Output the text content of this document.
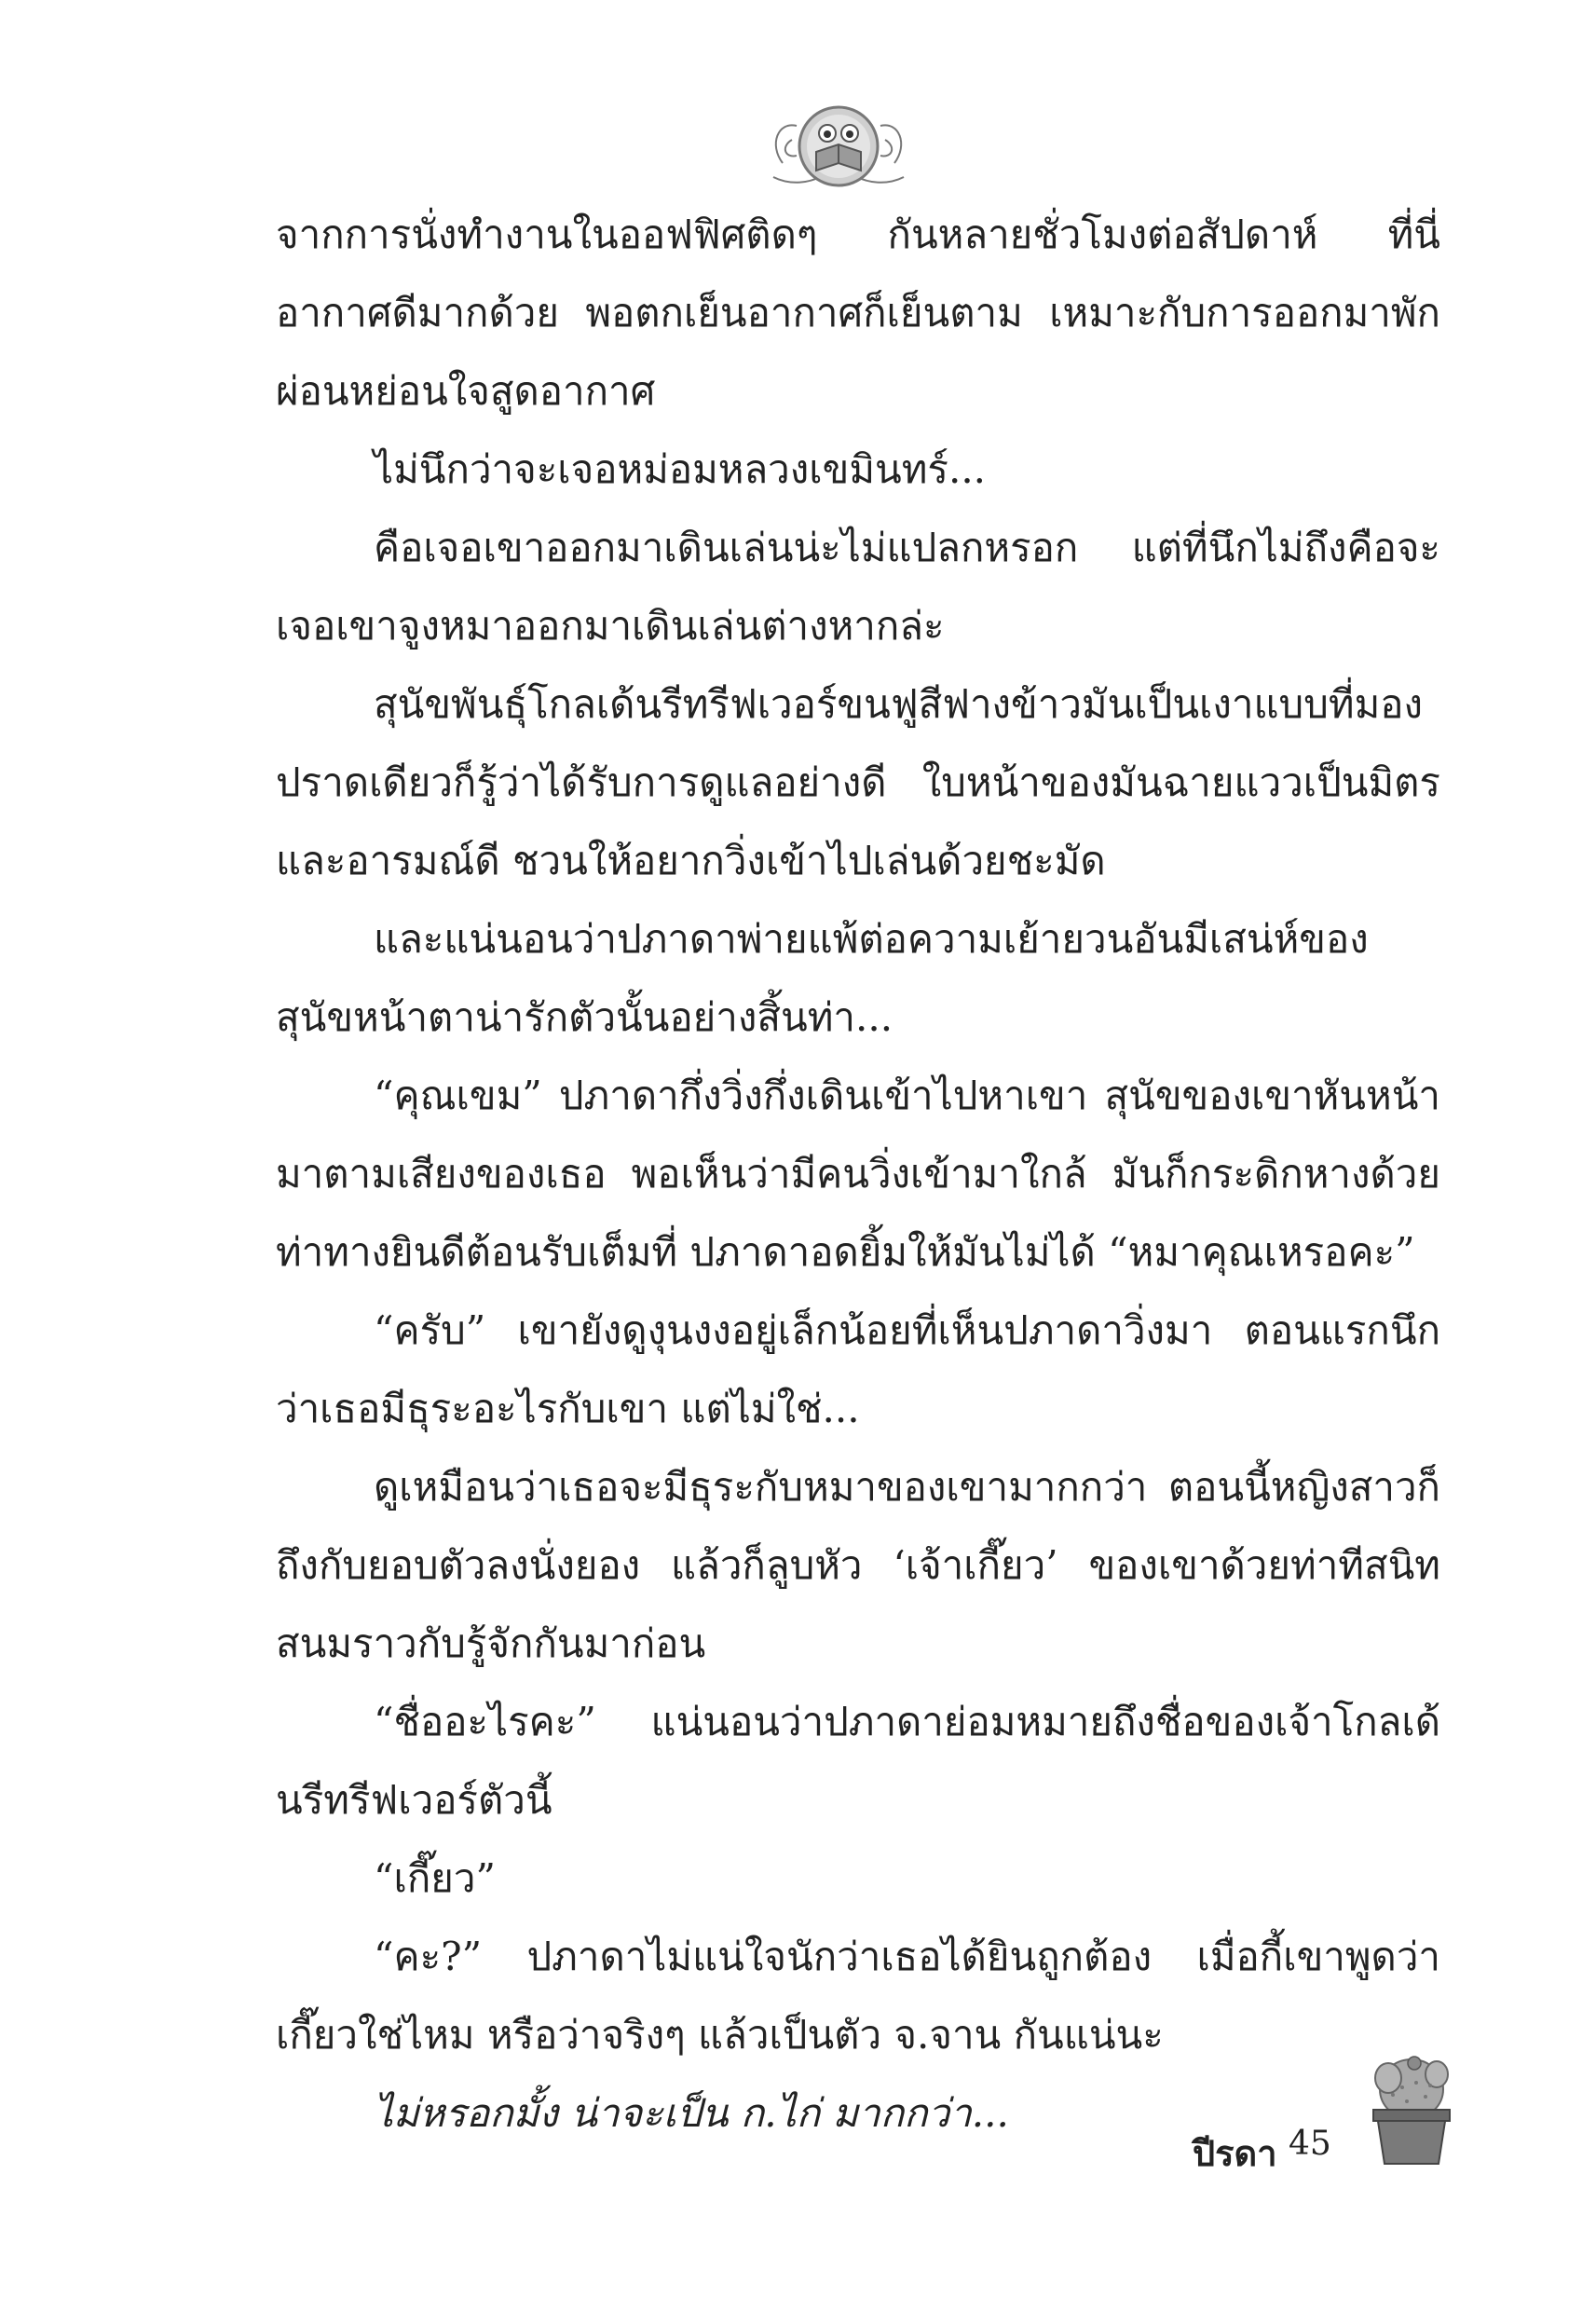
จากการนั่งทำงานในออฟฟิศติดๆ กันหลายชั่วโมงต่อสัปดาห์ ที่นี่อากาศดีมากด้วย พอตกเย็นอากาศก็เย็นตาม เหมาะกับการออกมาพักผ่อนหย่อนใจสูดอากาศ

ไม่นึกว่าจะเจอหม่อมหลวงเขมินทร์...

คือเจอเขาออกมาเดินเล่นน่ะไม่แปลกหรอก แต่ที่นึกไม่ถึงคือจะเจอเขาจูงหมาออกมาเดินเล่นต่างหากล่ะ

สุนัขพันธุ์โกลเด้นรีทรีฟเวอร์ขนฟูสีฟางข้าวมันเป็นเงาแบบที่มองปราดเดียวก็รู้ว่าได้รับการดูแลอย่างดี ใบหน้าของมันฉายแววเป็นมิตรและอารมณ์ดี ชวนให้อยากวิ่งเข้าไปเล่นด้วยชะมัด

และแน่นอนว่าปภาดาพ่ายแพ้ต่อความเย้ายวนอันมีเสน่ห์ของสุนัขหน้าตาน่ารักตัวนั้นอย่างสิ้นท่า...

“คุณเขม” ปภาดากึ่งวิ่งกึ่งเดินเข้าไปหาเขา สุนัขของเขาหันหน้ามาตามเสียงของเธอ พอเห็นว่ามีคนวิ่งเข้ามาใกล้ มันก็กระดิกหางด้วยท่าทางยินดีต้อนรับเต็มที่ ปภาดาอดยิ้มให้มันไม่ได้ “หมาคุณเหรอคะ”

“ครับ” เขายังดูงุนงงอยู่เล็กน้อยที่เห็นปภาดาวิ่งมา ตอนแรกนึกว่าเธอมีธุระอะไรกับเขา แต่ไม่ใช่...

ดูเหมือนว่าเธอจะมีธุระกับหมาของเขามากกว่า ตอนนี้หญิงสาวก็ถึงกับยอบตัวลงนั่งยอง แล้วก็ลูบหัว ‘เจ้าเกี๊ยว’ ของเขาด้วยท่าทีสนิทสนมราวกับรู้จักกันมาก่อน

“ชื่ออะไรคะ” แน่นอนว่าปภาดาย่อมหมายถึงชื่อของเจ้าโกลเด้นรีทรีฟเวอร์ตัวนี้

“เกี๊ยว”

“คะ?” ปภาดาไม่แน่ใจนักว่าเธอได้ยินถูกต้อง เมื่อกี้เขาพูดว่าเกี๊ยวใช่ไหม หรือว่าจริงๆ แล้วเป็นตัว จ.จาน กันแน่นะ

ไม่หรอกมั้ง น่าจะเป็น ก.ไก่ มากกว่า...

ปีรดา 45
